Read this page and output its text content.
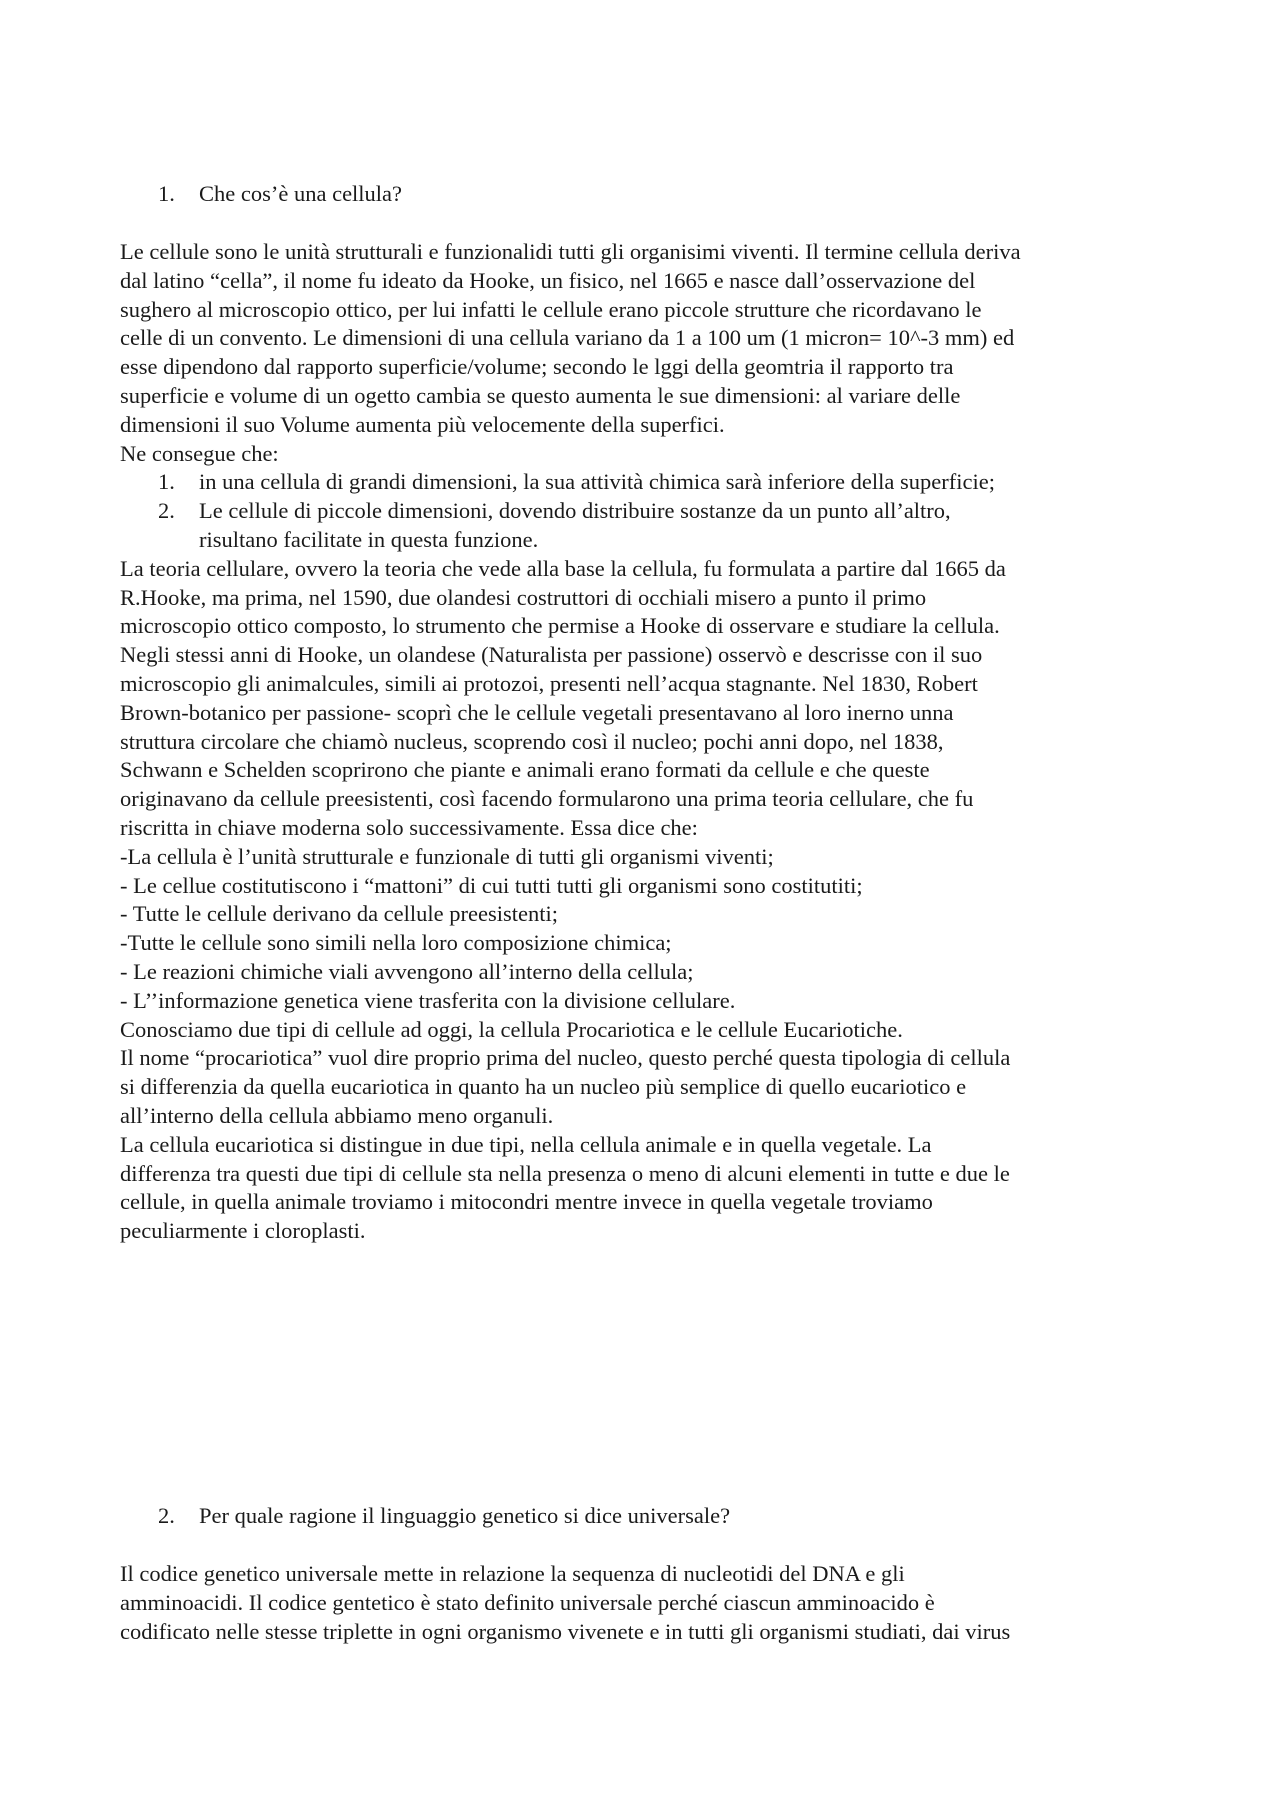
1. Che cos’è una cellula?
Le cellule sono le unità strutturali e funzionalidi tutti gli organisimi viventi. Il termine cellula deriva
dal latino “cella”, il nome fu ideato da Hooke, un fisico, nel 1665 e nasce dall’osservazione del
sughero al microscopio ottico, per lui infatti le cellule erano piccole strutture che ricordavano le
celle di un convento. Le dimensioni di una cellula variano da 1 a 100 um (1 micron= 10^-3 mm) ed
esse dipendono dal rapporto superficie/volume; secondo le lggi della geomtria il rapporto tra
superficie e volume di un ogetto cambia se questo aumenta le sue dimensioni: al variare delle
dimensioni il suo Volume aumenta più velocemente della superfici.
Ne consegue che:
1. in una cellula di grandi dimensioni, la sua attività chimica sarà inferiore della superficie;
2. Le cellule di piccole dimensioni, dovendo distribuire sostanze da un punto all’altro,
risultano facilitate in questa funzione.
La teoria cellulare, ovvero la teoria che vede alla base la cellula, fu formulata a partire dal 1665 da
R.Hooke, ma prima, nel 1590, due olandesi costruttori di occhiali misero a punto il primo
microscopio ottico composto, lo strumento che permise a Hooke di osservare e studiare la cellula.
Negli stessi anni di Hooke, un olandese (Naturalista per passione) osservò e descrisse con il suo
microscopio gli animalcules, simili ai protozoi, presenti nell’acqua stagnante. Nel 1830, Robert
Brown-botanico per passione- scoprì che le cellule vegetali presentavano al loro inerno unna
struttura circolare che chiamò nucleus, scoprendo così il nucleo; pochi anni dopo, nel 1838,
Schwann e Schelden scoprirono che piante e animali erano formati da cellule e che queste
originavano da cellule preesistenti, così facendo formularono una prima teoria cellulare, che fu
riscritta in chiave moderna solo successivamente. Essa dice che:
-La cellula è l’unità strutturale e funzionale di tutti gli organismi viventi;
- Le cellue costitutiscono i “mattoni” di cui tutti tutti gli organismi sono costitutiti;
- Tutte le cellule derivano da cellule preesistenti;
-Tutte le cellule sono simili nella loro composizione chimica;
- Le reazioni chimiche viali avvengono all’interno della cellula;
- L’’informazione genetica viene trasferita con la divisione cellulare.
Conosciamo due tipi di cellule ad oggi, la cellula Procariotica e le cellule Eucariotiche.
Il nome “procariotica” vuol dire proprio prima del nucleo, questo perché questa tipologia di cellula
si differenzia da quella eucariotica in quanto ha un nucleo più semplice di quello eucariotico e
all’interno della cellula abbiamo meno organuli.
La cellula eucariotica si distingue in due tipi, nella cellula animale e in quella vegetale. La
differenza tra questi due tipi di cellule sta nella presenza o meno di alcuni elementi in tutte e due le
cellule, in quella animale troviamo i mitocondri mentre invece in quella vegetale troviamo
peculiarmente i cloroplasti.
2. Per quale ragione il linguaggio genetico si dice universale?
Il codice genetico universale mette in relazione la sequenza di nucleotidi del DNA e gli
amminoacidi. Il codice gentetico è stato definito universale perché ciascun amminoacido è
codificato nelle stesse triplette in ogni organismo vivenete e in tutti gli organismi studiati, dai virus
